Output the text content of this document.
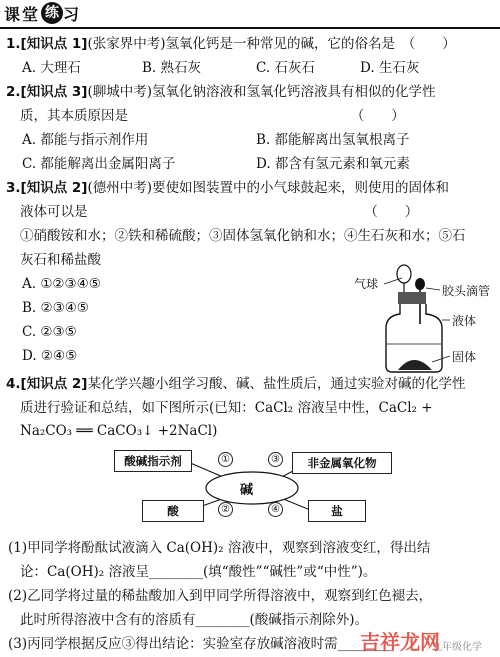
课堂 练 习
1.[知识点 1](张家界中考)氢氧化钙是一种常见的碱，它的俗名是　（　　）
A. 大理石	B. 熟石灰	C. 石灰石	D. 生石灰
2.[知识点 3](聊城中考)氢氧化钠溶液和氢氧化钙溶液具有相似的化学性
质，其本质原因是　　　　　　　　　　　　　　　　　（　　）
A. 都能与指示剂作用	B. 都能解离出氢氧根离子
C. 都能解离出金属阳离子	D. 都含有氢元素和氧元素
3.[知识点 2](德州中考)要使如图装置中的小气球鼓起来，则使用的固体和
液体可以是　　　　　　　　　　　　　　　　　　　　　（　　）
①硝酸铵和水；②铁和稀硫酸；③固体氢氧化钠和水；④生石灰和水；⑤石
灰石和稀盐酸
A. ①②③④⑤
B. ②③④⑤
C. ②③⑤
D. ②④⑤
气球	胶头滴管
液体
固体
4.[知识点 2]某化学兴趣小组学习酸、碱、盐性质后，通过实验对碱的化学性
质进行验证和总结，如下图所示(已知：CaCl₂ 溶液呈中性，CaCl₂ +
Na₂CO₃ ══ CaCO₃↓ +2NaCl)
酸碱指示剂	非金属氧化物
碱
酸	盐
①	③
②	④
(1)甲同学将酚酞试液滴入 Ca(OH)₂ 溶液中，观察到溶液变红，得出结
论：Ca(OH)₂ 溶液呈________(填“酸性”“碱性”或“中性”)。
(2)乙同学将过量的稀盐酸加入到甲同学所得溶液中，观察到红色褪去，
此时所得溶液中含有的溶质有________(酸碱指示剂除外)。
(3)丙同学根据反应③得出结论：实验室存放碱溶液时需________
吉祥龙网
九年级化学
